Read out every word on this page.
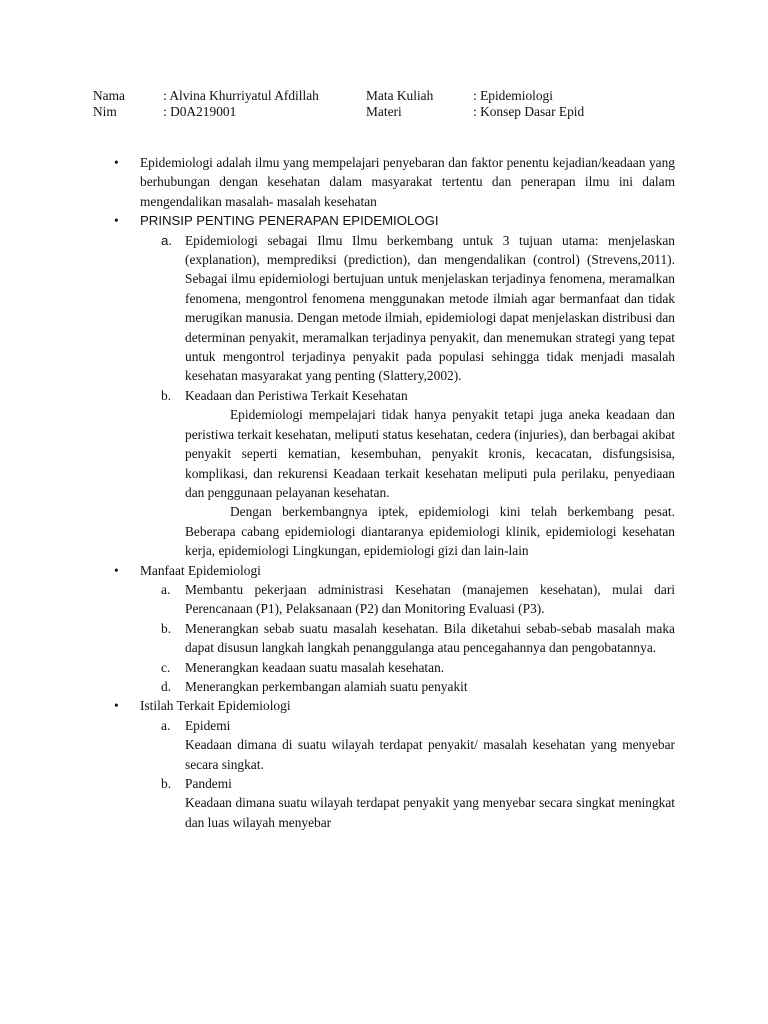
Nama	: Alvina Khurriyatul Afdillah	Mata Kuliah	: Epidemiologi
Nim	: D0A219001	Materi	: Konsep Dasar Epid
• Epidemiologi adalah ilmu yang mempelajari penyebaran dan faktor penentu kejadian/keadaan yang berhubungan dengan kesehatan dalam masyarakat tertentu dan penerapan ilmu ini dalam mengendalikan masalah- masalah kesehatan
• PRINSIP PENTING PENERAPAN EPIDEMIOLOGI
a. Epidemiologi sebagai Ilmu Ilmu berkembang untuk 3 tujuan utama: menjelaskan (explanation), memprediksi (prediction), dan mengendalikan (control) (Strevens,2011). Sebagai ilmu epidemiologi bertujuan untuk menjelaskan terjadinya fenomena, meramalkan fenomena, mengontrol fenomena menggunakan metode ilmiah agar bermanfaat dan tidak merugikan manusia. Dengan metode ilmiah, epidemiologi dapat menjelaskan distribusi dan determinan penyakit, meramalkan terjadinya penyakit, dan menemukan strategi yang tepat untuk mengontrol terjadinya penyakit pada populasi sehingga tidak menjadi masalah kesehatan masyarakat yang penting (Slattery,2002).
b. Keadaan dan Peristiwa Terkait Kesehatan
Epidemiologi mempelajari tidak hanya penyakit tetapi juga aneka keadaan dan peristiwa terkait kesehatan, meliputi status kesehatan, cedera (injuries), dan berbagai akibat penyakit seperti kematian, kesembuhan, penyakit kronis, kecacatan, disfungsisisa, komplikasi, dan rekurensi Keadaan terkait kesehatan meliputi pula perilaku, penyediaan dan penggunaan pelayanan kesehatan.
Dengan berkembangnya iptek, epidemiologi kini telah berkembang pesat. Beberapa cabang epidemiologi diantaranya epidemiologi klinik, epidemiologi kesehatan kerja, epidemiologi Lingkungan, epidemiologi gizi dan lain-lain
• Manfaat Epidemiologi
a. Membantu pekerjaan administrasi Kesehatan (manajemen kesehatan), mulai dari Perencanaan (P1), Pelaksanaan (P2) dan Monitoring Evaluasi (P3).
b. Menerangkan sebab suatu masalah kesehatan. Bila diketahui sebab-sebab masalah maka dapat disusun langkah langkah penanggulanga atau pencegahannya dan pengobatannya.
c. Menerangkan keadaan suatu masalah kesehatan.
d. Menerangkan perkembangan alamiah suatu penyakit
• Istilah Terkait Epidemiologi
a. Epidemi
Keadaan dimana di suatu wilayah terdapat penyakit/ masalah kesehatan yang menyebar secara singkat.
b. Pandemi
Keadaan dimana suatu wilayah terdapat penyakit yang menyebar secara singkat meningkat dan luas wilayah menyebar
